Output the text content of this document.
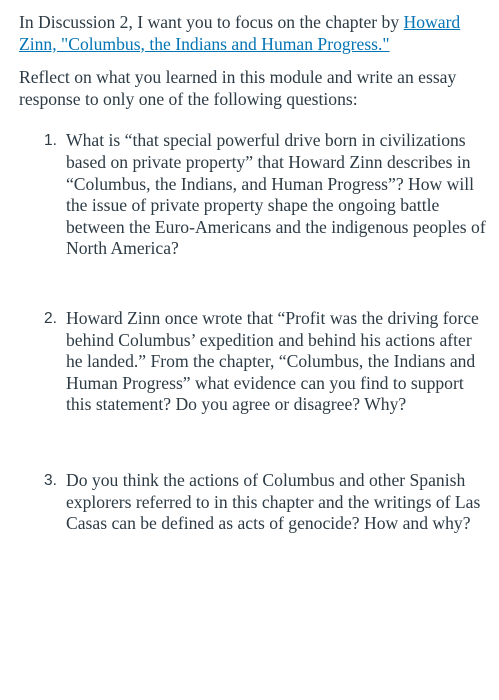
In Discussion 2, I want you to focus on the chapter by Howard Zinn, "Columbus, the Indians and Human Progress."

Reflect on what you learned in this module and write an essay response to only one of the following questions:

1. What is “that special powerful drive born in civilizations based on private property” that Howard Zinn describes in “Columbus, the Indians, and Human Progress”? How will the issue of private property shape the ongoing battle between the Euro-Americans and the indigenous peoples of North America?
2. Howard Zinn once wrote that “Profit was the driving force behind Columbus’ expedition and behind his actions after he landed.” From the chapter, “Columbus, the Indians and Human Progress” what evidence can you find to support this statement? Do you agree or disagree? Why?
3. Do you think the actions of Columbus and other Spanish explorers referred to in this chapter and the writings of Las Casas can be defined as acts of genocide? How and why?
